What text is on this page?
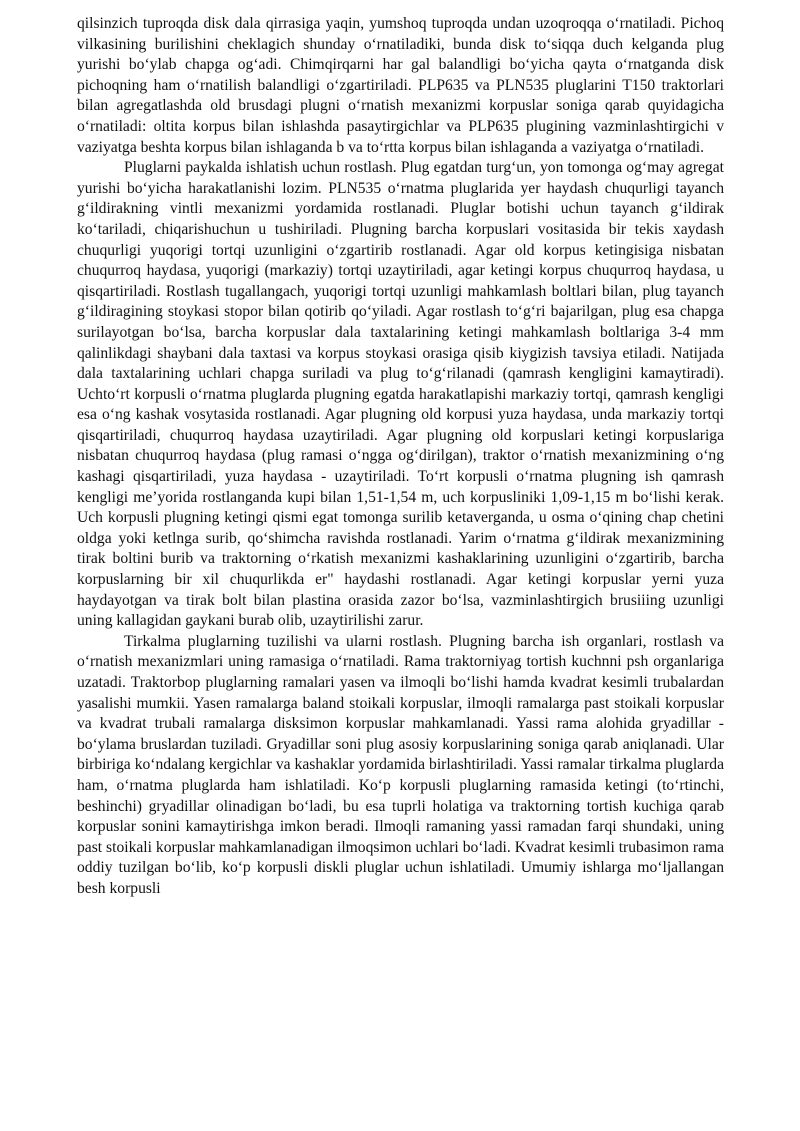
qilsinzich tuproqda disk dala qirrasiga yaqin, yumshoq tuproqda undan uzoqroqqa oʻrnatiladi. Pichoq vilkasining burilishini cheklagich shunday oʻrnatiladiki, bunda disk toʻsiqqa duch kelganda plug yurishi boʻylab chapga ogʻadi. Chimqirqarni har gal balandligi boʻyicha qayta oʻrnatganda disk pichoqning ham oʻrnatilish balandligi oʻzgartiriladi. PLP635 va PLN535 pluglarini T150 traktorlari bilan agregatlashda old brusdagi plugni oʻrnatish mexanizmi korpuslar soniga qarab quyidagicha oʻrnatiladi: oltita korpus bilan ishlashda pasaytirgichlar va PLP635 plugining vazminlashtirgichi v vaziyatga beshta korpus bilan ishlaganda b va toʻrtta korpus bilan ishlaganda a vaziyatga oʻrnatiladi.

Pluglarni paykalda ishlatish uchun rostlash. Plug egatdan turgʻun, yon tomonga ogʻmay agregat yurishi boʻyicha harakatlanishi lozim. PLN535 oʻrnatma pluglarida yer haydash chuqurligi tayanch gʻildirakning vintli mexanizmi yordamida rostlanadi. Pluglar botishi uchun tayanch gʻildirak koʻtariladi, chiqarishuchun u tushiriladi. Plugning barcha korpuslari vositasida bir tekis xaydash chuqurligi yuqorigi tortqi uzunligini oʻzgartirib rostlanadi. Agar old korpus ketingisiga nisbatan chuqurroq haydasa, yuqorigi (markaziy) tortqi uzaytiriladi, agar ketingi korpus chuqurroq haydasa, u qisqartiriladi. Rostlash tugallangach, yuqorigi tortqi uzunligi mahkamlash boltlari bilan, plug tayanch gʻildiragining stoykasi stopor bilan qotirib qoʻyiladi. Agar rostlash toʻgʻri bajarilgan, plug esa chapga surilayotgan boʻlsa, barcha korpuslar dala taxtalarining ketingi mahkamlash boltlariga 3-4 mm qalinlikdagi shaybani dala taxtasi va korpus stoykasi orasiga qisib kiygizish tavsiya etiladi. Natijada dala taxtalarining uchlari chapga suriladi va plug toʻgʻrilanadi (qamrash kengligini kamaytiradi). Uchtoʻrt korpusli oʻrnatma pluglarda plugning egatda harakatlapishi markaziy tortqi, qamrash kengligi esa oʻng kashak vosytasida rostlanadi. Agar plugning old korpusi yuza haydasa, unda markaziy tortqi qisqartiriladi, chuqurroq haydasa uzaytiriladi. Agar plugning old korpuslari ketingi korpuslariga nisbatan chuqurroq haydasa (plug ramasi oʻngga ogʻdirilgan), traktor oʻrnatish mexanizmining oʻng kashagi qisqartiriladi, yuza haydasa - uzaytiriladi. Toʻrt korpusli oʻrnatma plugning ish qamrash kengligi me’yorida rostlanganda kupi bilan 1,51-1,54 m, uch korpusliniki 1,09-1,15 m boʻlishi kerak. Uch korpusli plugning ketingi qismi egat tomonga surilib ketaverganda, u osma oʻqining chap chetini oldga yoki ketlnga surib, qoʻshimcha ravishda rostlanadi. Yarim oʻrnatma gʻildirak mexanizmining tirak boltini burib va traktorning oʻrkatish mexanizmi kashaklarining uzunligini oʻzgartirib, barcha korpuslarning bir xil chuqurlikda er" haydashi rostlanadi. Agar ketingi korpuslar yerni yuza haydayotgan va tirak bolt bilan plastina orasida zazor boʻlsa, vazminlashtirgich brusiiing uzunligi uning kallagidan gaykani burab olib, uzaytirilishi zarur.

Tirkalma pluglarning tuzilishi va ularni rostlash. Plugning barcha ish organlari, rostlash va oʻrnatish mexanizmlari uning ramasiga oʻrnatiladi. Rama traktorniyag tortish kuchnni psh organlariga uzatadi. Traktorbop pluglarning ramalari yasen va ilmoqli boʻlishi hamda kvadrat kesimli trubalardan yasalishi mumkii. Yasen ramalarga baland stoikali korpuslar, ilmoqli ramalarga past stoikali korpuslar va kvadrat trubali ramalarga disksimon korpuslar mahkamlanadi. Yassi rama alohida gryadillar - boʻylama bruslardan tuziladi. Gryadillar soni plug asosiy korpuslarining soniga qarab aniqlanadi. Ular birbiriga koʻndalang kergichlar va kashaklar yordamida birlashtiriladi. Yassi ramalar tirkalma pluglarda ham, oʻrnatma pluglarda ham ishlatiladi. Koʻp korpusli pluglarning ramasida ketingi (toʻrtinchi, beshinchi) gryadillar olinadigan boʻladi, bu esa tuprli holatiga va traktorning tortish kuchiga qarab korpuslar sonini kamaytirishga imkon beradi. Ilmoqli ramaning yassi ramadan farqi shundaki, uning past stoikali korpuslar mahkamlanadigan ilmoqsimon uchlari boʻladi. Kvadrat kesimli trubasimon rama oddiy tuzilgan boʻlib, koʻp korpusli diskli pluglar uchun ishlatiladi. Umumiy ishlarga moʻljallangan besh korpusli
